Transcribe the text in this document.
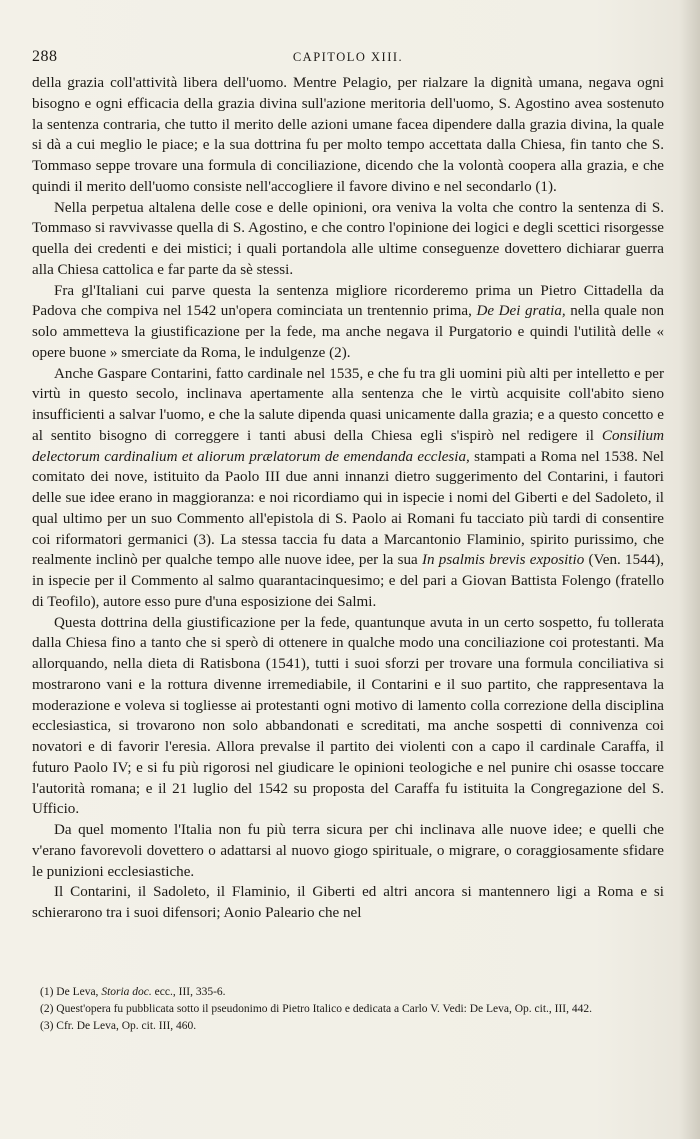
288	CAPITOLO XIII.

della grazia coll'attività libera dell'uomo. Mentre Pelagio, per rialzare la dignità umana, negava ogni bisogno e ogni efficacia della grazia divina sull'azione meritoria dell'uomo, S. Agostino avea sostenuto la sentenza contraria, che tutto il merito delle azioni umane facea dipendere dalla grazia divina, la quale si dà a cui meglio le piace; e la sua dottrina fu per molto tempo accettata dalla Chiesa, fin tanto che S. Tommaso seppe trovare una formula di conciliazione, dicendo che la volontà coopera alla grazia, e che quindi il merito dell'uomo consiste nell'accogliere il favore divino e nel secondarlo (1).

Nella perpetua altalena delle cose e delle opinioni, ora veniva la volta che contro la sentenza di S. Tommaso si ravvivasse quella di S. Agostino, e che contro l'opinione dei logici e degli scettici risorgesse quella dei credenti e dei mistici; i quali portandola alle ultime conseguenze dovettero dichiarar guerra alla Chiesa cattolica e far parte da sè stessi.

Fra gl'Italiani cui parve questa la sentenza migliore ricorderemo prima un Pietro Cittadella da Padova che compiva nel 1542 un'opera cominciata un trentennio prima, De Dei gratia, nella quale non solo ammetteva la giustificazione per la fede, ma anche negava il Purgatorio e quindi l'utilità delle « opere buone » smerciate da Roma, le indulgenze (2).

Anche Gaspare Contarini, fatto cardinale nel 1535, e che fu tra gli uomini più alti per intelletto e per virtù in questo secolo, inclinava apertamente alla sentenza che le virtù acquisite coll'abito sieno insufficienti a salvar l'uomo, e che la salute dipenda quasi unicamente dalla grazia; e a questo concetto e al sentito bisogno di correggere i tanti abusi della Chiesa egli s'ispirò nel redigere il Consilium delectorum cardinalium et aliorum prælatorum de emendanda ecclesia, stampati a Roma nel 1538. Nel comitato dei nove, istituito da Paolo III due anni innanzi dietro suggerimento del Contarini, i fautori delle sue idee erano in maggioranza: e noi ricordiamo qui in ispecie i nomi del Giberti e del Sadoleto, il qual ultimo per un suo Commento all'epistola di S. Paolo ai Romani fu tacciato più tardi di consentire coi riformatori germanici (3). La stessa taccia fu data a Marcantonio Flaminio, spirito purissimo, che realmente inclinò per qualche tempo alle nuove idee, per la sua In psalmis brevis expositio (Ven. 1544), in ispecie per il Commento al salmo quarantacinquesimo; e del pari a Giovan Battista Folengo (fratello di Teofilo), autore esso pure d'una esposizione dei Salmi.

Questa dottrina della giustificazione per la fede, quantunque avuta in un certo sospetto, fu tollerata dalla Chiesa fino a tanto che si sperò di ottenere in qualche modo una conciliazione coi protestanti. Ma allorquando, nella dieta di Ratisbona (1541), tutti i suoi sforzi per trovare una formula conciliativa si mostrarono vani e la rottura divenne irremediabile, il Contarini e il suo partito, che rappresentava la moderazione e voleva si togliesse ai protestanti ogni motivo di lamento colla correzione della disciplina ecclesiastica, si trovarono non solo abbandonati e screditati, ma anche sospetti di connivenza coi novatori e di favorir l'eresia. Allora prevalse il partito dei violenti con a capo il cardinale Caraffa, il futuro Paolo IV; e si fu più rigorosi nel giudicare le opinioni teologiche e nel punire chi osasse toccare l'autorità romana; e il 21 luglio del 1542 su proposta del Caraffa fu istituita la Congregazione del S. Ufficio.

Da quel momento l'Italia non fu più terra sicura per chi inclinava alle nuove idee; e quelli che v'erano favorevoli dovettero o adattarsi al nuovo giogo spirituale, o migrare, o coraggiosamente sfidare le punizioni ecclesiastiche.

Il Contarini, il Sadoleto, il Flaminio, il Giberti ed altri ancora si mantennero ligi a Roma e si schierarono tra i suoi difensori; Aonio Paleario che nel

(1) De Leva, Storia doc. ecc., III, 335-6.

(2) Quest'opera fu pubblicata sotto il pseudonimo di Pietro Italico e dedicata a Carlo V. Vedi: De Leva, Op. cit., III, 442.

(3) Cfr. De Leva, Op. cit. III, 460.
